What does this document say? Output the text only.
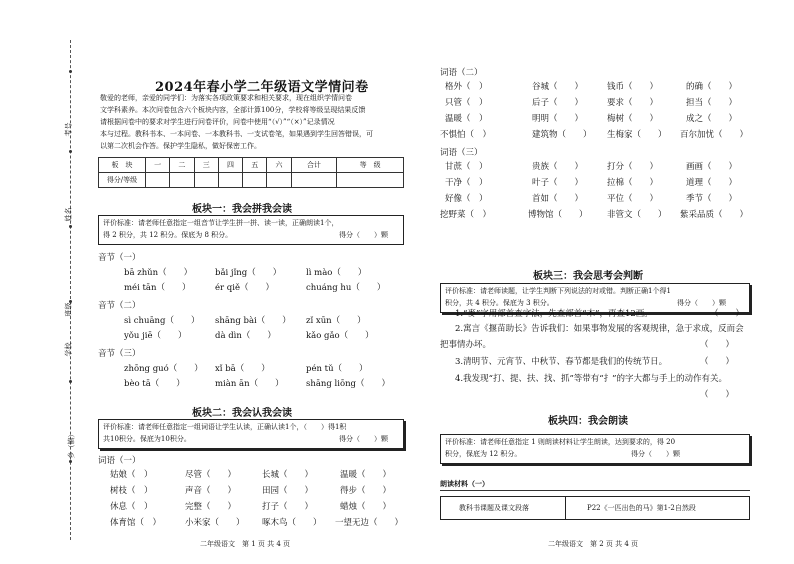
考号
姓名
班级
学校
乡（镇）
2024年春小学二年级语文学情问卷
敬爱的老师，亲爱的同学们：为落实各项政策要求和相关要求，现在组织学情问卷
文学科素养。本次问卷包含六个板块内容，全部计算100分，学校将等级呈现结果反馈
请根据问卷中的要求对学生进行问卷评价，问卷中使用“（√）”“（×）”记录情况
本与过程。教科书本、一本问卷、一本教科书、一支试卷笔，如果遇到学生回答错误，可
以第二次机会作答。保护学生隐私，做好保密工作。
板　块	一	二	三	四	五	六	合计	等　级
得分/等级								
板块一：我会拼我会读
评价标准：请老师任意指定一组音节让学生拼一拼、读一读，正确朗读1个，
得 2 积分，共 12 积分。保底为 8 积分。	得分（　　）颗
音节（一）
bā zhǔn（　　）	bǎi jǐng（　　）	lì mào（　　）
méi tān（　　）	ér qiě（　　）	chuáng hu（　　）
音节（二）
sì chuāng（　　） shāng bài（　　） zǐ xūn（　　）
yǒu jiē（　　）	dà dìn（　　）	kǎo gǎo（　　）
音节（三）
zhōng guó（　　） xǐ bā（　　）	pén tǔ（　　）
bèo tā（　　）	miàn ān（　　）	shāng liōng（　　）
板块二：我会认我会读
评价标准：请老师任意指定一组词语让学生认读，正确认读1个，（　　）得1积
共10积分。保底为10积分。	得分（　　）颗
词语（一）
姑娘（　）	尽管（　　）	长城（　　）	温暖（　　）
树枝（　）	声音（　　）	田园（　　）	得步（　　）
休息（　）	完整（　　）	打子（　　）	蜡烛（　　）
体育馆（　）	小米家（　　） 啄木鸟（　　） 一望无边（　　）
二年级语文　第 1 页 共 4 页
词语（二）
格外（　）	谷城（　　）	钱币（　　）	的确（　　）
只管（　）	后子（　　）	要求（　　）	担当（　　）
温暖（　）	明明（　　）	梅树（　　）	成之（　　）
不惧怕（　）	建筑物（　　） 生梅家（　　） 百尔加忧（　　）
词语（三）
甘蔗（　）	贵族（　　）	打分（　　）	画画（　　）
干净（　）	叶子（　　）	拉棉（　　）	道理（　　）
好像（　）	首如（　　）	平位（　　）	季节（　　）
挖野菜（　）	博物馆（　　） 非管文（　　） 紫采品质（　　）
板块三：我会思考会判断
评价标准：请老师读题，让学生判断下列说法的对或错。判断正确1个得1
积分，共 4 积分。保底为 3 积分。	得分（　　）颗
1.“麥”字用部首查字法，先查部首“木”，再查12画。	（　　）
2.寓言《揠苗助长》告诉我们：如果事物发展的客观规律，急于求成，反而会
把事情办坏。	（　　）
3.清明节、元宵节、中秋节、春节都是我们的传统节日。	（　　）
4.我发现“打、提、扶、找、抓”等带有“扌”的字大都与手上的动作有关。
（　　）
板块四：我会朗读
评价标准：请老师任意指定 1 则朗读材料让学生朗读，达到要求的，得 20
积分，保底为 12 积分。	得分（　　）颗
朗读材料（一）
教科书课题及课文段落	P22《一匹出色的马》第1-2自然段
二年级语文　第 2 页 共 4 页
